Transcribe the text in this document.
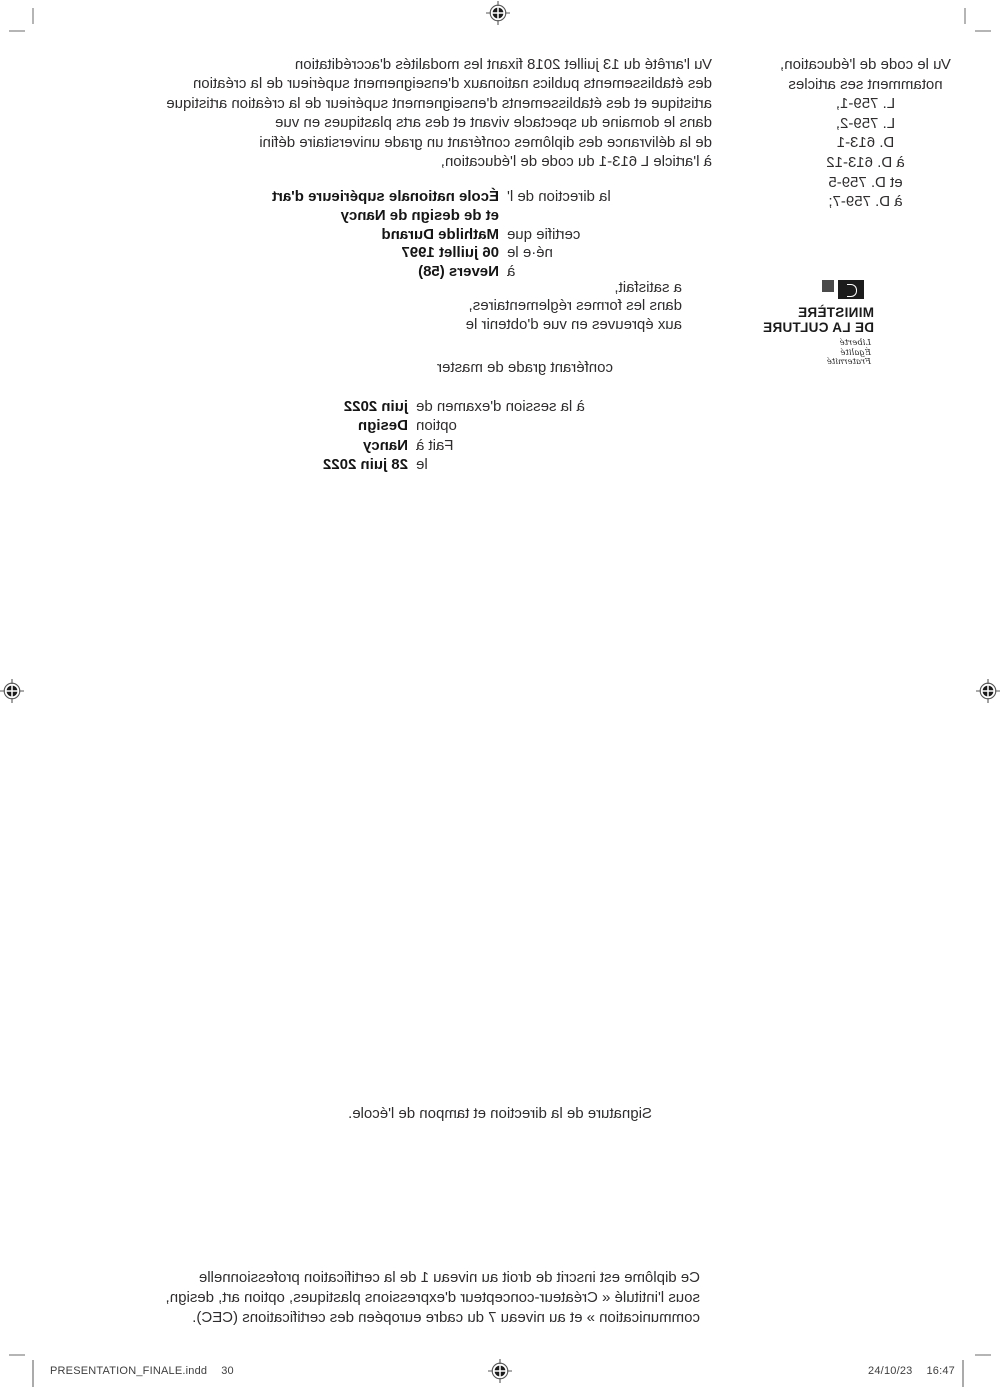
Vu le code de l'éducation,
notamment ses articles
L. 759-1,
L. 759-2,
D. 613-1
à D. 613-12
et D. 759-5
à D. 759-7;
Vu l'arrêté du 13 juillet 2018 fixant les modalités d'accréditation
des établissements publics nationaux d'enseignement supérieur de la création
artistique et des établissements d'enseignement supérieur de la création artistique
dans le domaine du spectacle vivant et des arts plastiques en vue
de la délivrance des diplômes conférant un grade universitaire défini
à l'article L 613-1 du code de l'éducation,
la direction de l'
École nationale supérieure d'art
et de design de Nancy
certifie que
Mathilde Durand
né·e le
06 juillet 1997
à
Nevers (58)
a satisfait,
dans les formes réglementaires,
aux épreuves en vue d'obtenir le
MINISTÈRE
DE LA CULTURE
Liberté
Égalité
Fraternité
conférant grade de master
à la session d'examen de
juin 2022
option
Design
Fait à
Nancy
le
28 juin 2022
Signature de la direction et tampon de l'école.
Ce diplôme est inscrit de droit au niveau 1 de la certification professionnelle
sous l'intitulé « Créateur-concepteur d'expressions plastiques, option art, design,
communication » et au niveau 7 du cadre européen des certifications (CEC).
PRESENTATION_FINALE.indd 30	24/10/23 16:47
